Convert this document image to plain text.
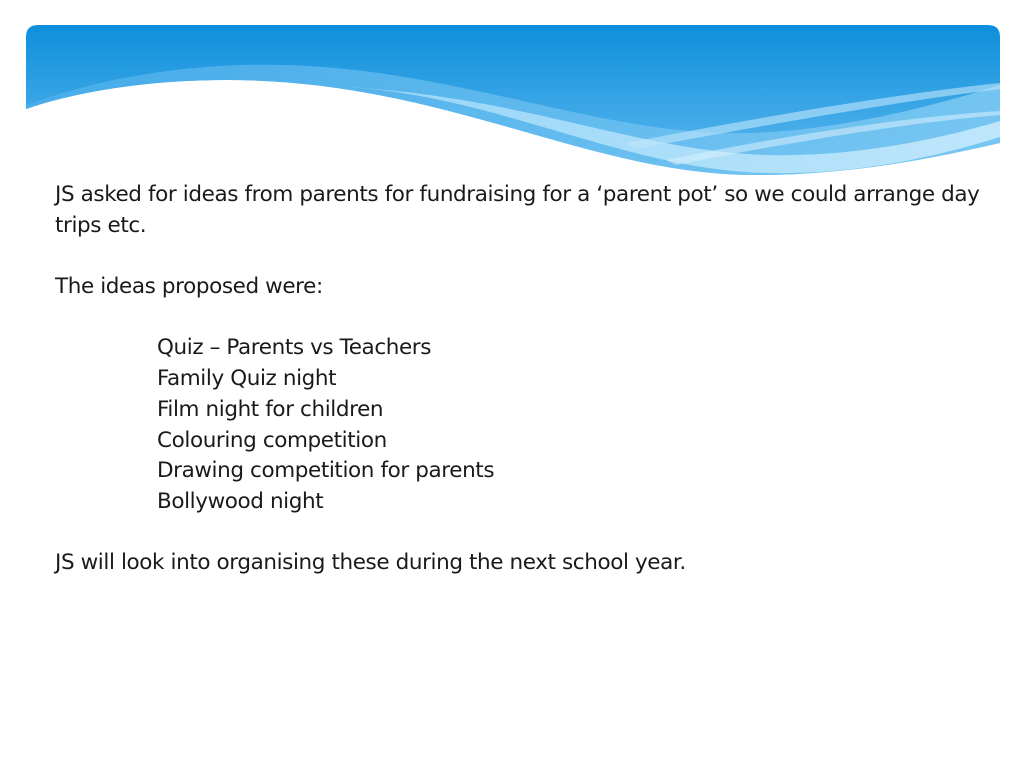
JS asked for ideas from parents for fundraising for a ‘parent pot’ so we could arrange day trips etc.

The ideas proposed were:

Quiz – Parents vs Teachers
Family Quiz night
Film night for children
Colouring competition
Drawing competition for parents
Bollywood night

JS will look into organising these during the next school year.
